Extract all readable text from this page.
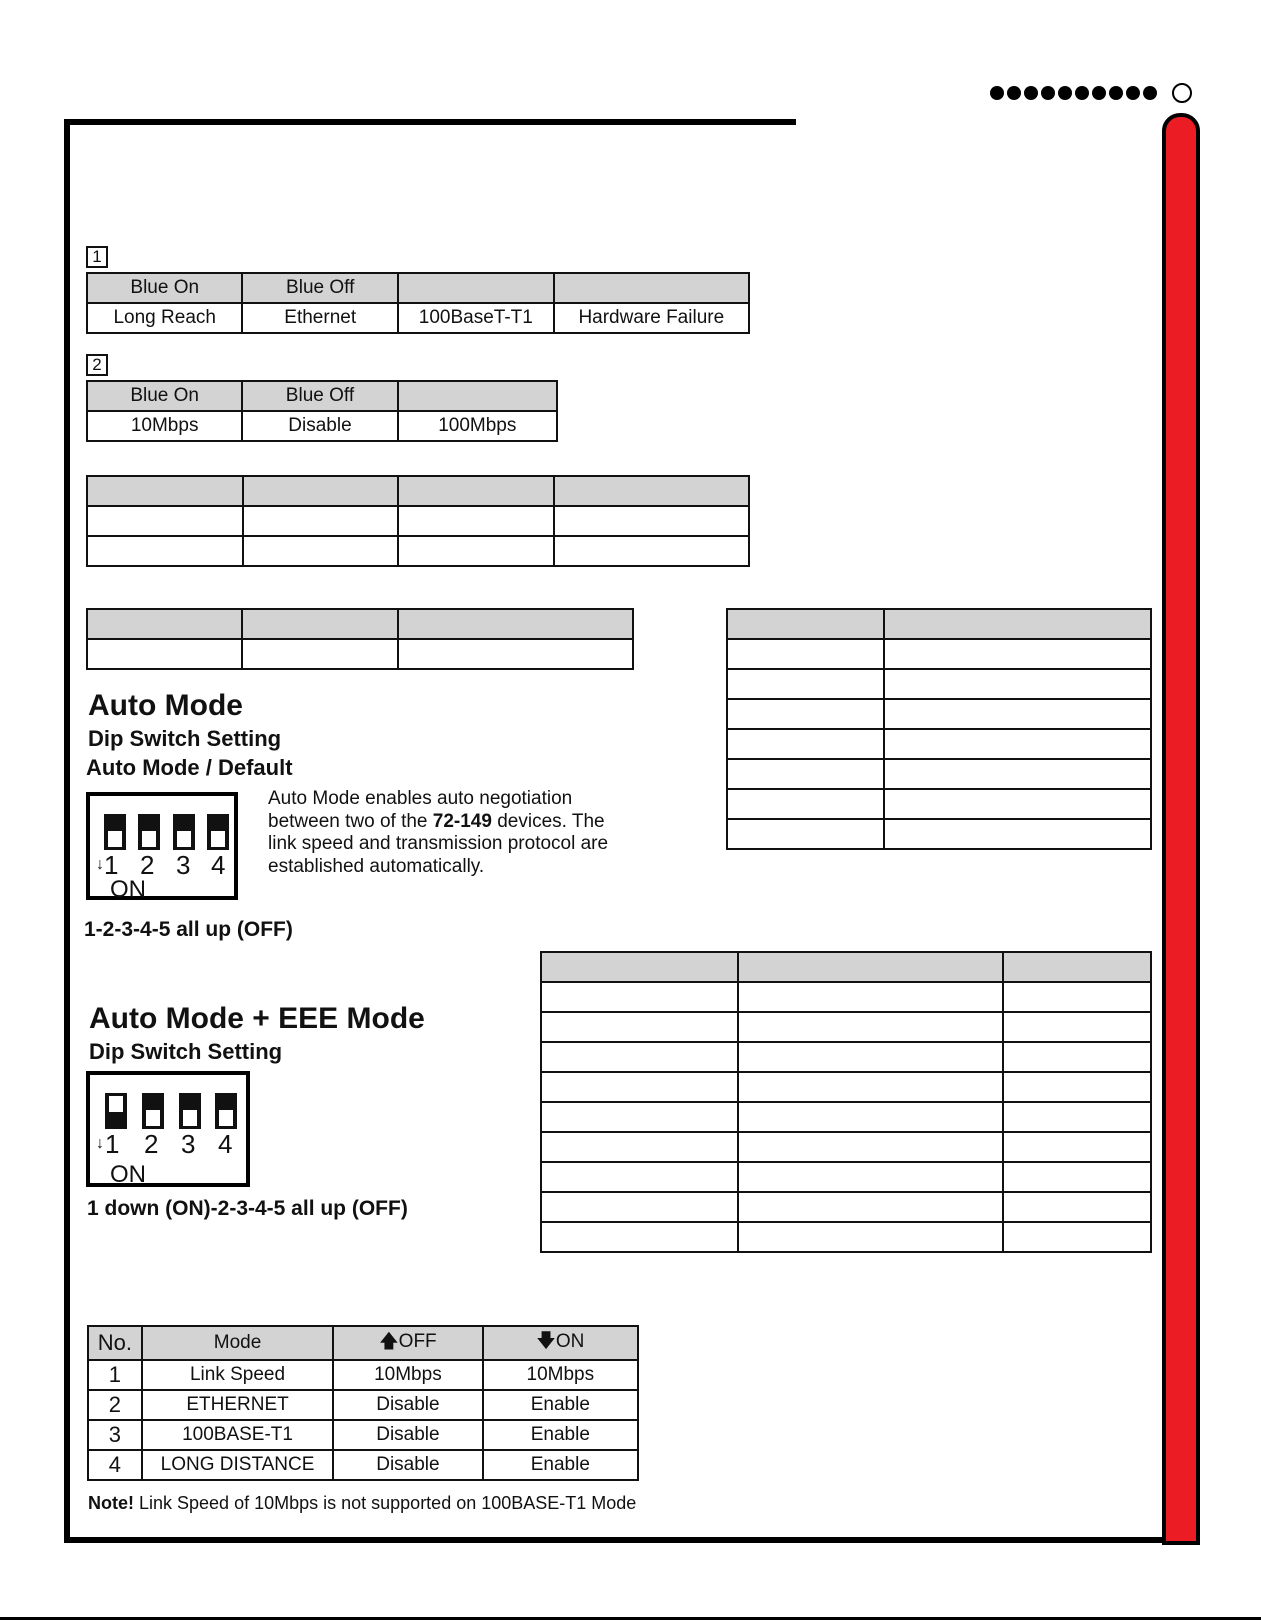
1
Blue On	Blue Off		
Long Reach	Ethernet	100BaseT-T1	Hardware Failure
2
Blue On	Blue Off	
10Mbps	Disable	100Mbps

Auto Mode
Dip Switch Setting
Auto Mode / Default
↓ 1 2 3 4
ON
Auto Mode enables auto negotiation between two of the 72-149 devices. The link speed and transmission protocol are established automatically.
1-2-3-4-5 all up (OFF)
Auto Mode + EEE Mode
Dip Switch Setting
↓ 1 2 3 4
ON
1 down (ON)-2-3-4-5 all up (OFF)
No.	Mode	🡅OFF	🡇ON
1	Link Speed	10Mbps	10Mbps
2	ETHERNET	Disable	Enable
3	100BASE-T1	Disable	Enable
4	LONG DISTANCE	Disable	Enable
Note! Link Speed of 10Mbps is not supported on 100BASE-T1 Mode
